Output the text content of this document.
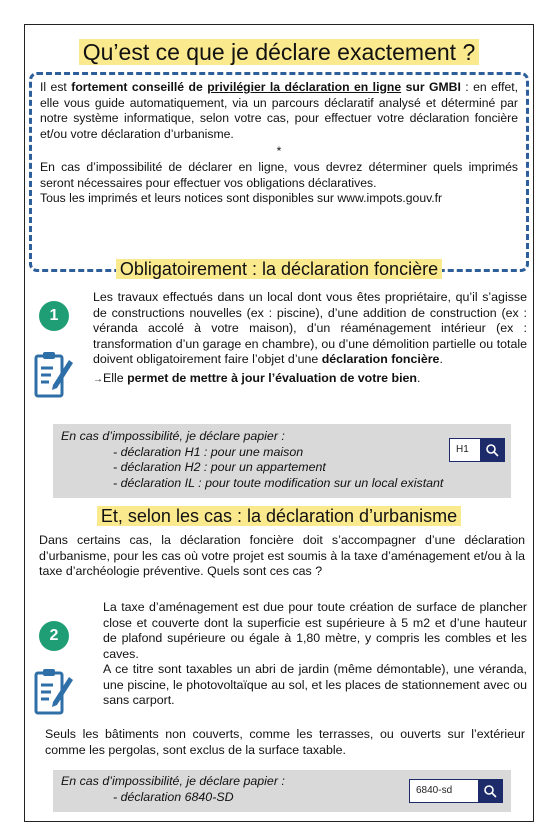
Qu’est ce que je déclare exactement ?

Il est fortement conseillé de privilégier la déclaration en ligne sur GMBI : en effet, elle vous guide automatiquement, via un parcours déclaratif analysé et déterminé par notre système informatique, selon votre cas, pour effectuer votre déclaration foncière et/ou votre déclaration d’urbanisme.

*

En cas d’impossibilité de déclarer en ligne, vous devrez déterminer quels imprimés seront nécessaires pour effectuer vos obligations déclaratives.

Tous les imprimés et leurs notices sont disponibles sur www.impots.gouv.fr

Obligatoirement : la déclaration foncière
1

Les travaux effectués dans un local dont vous êtes propriétaire, qu’il s’agisse de constructions nouvelles (ex : piscine), d’une addition de construction (ex : véranda accolé à votre maison), d’un réaménagement intérieur (ex : transformation d’un garage en chambre), ou d’une démolition partielle ou totale doivent obligatoirement faire l’objet d’une déclaration foncière.

→Elle permet de mettre à jour l’évaluation de votre bien.

En cas d’impossibilité, je déclare papier :
- déclaration H1 : pour une maison
- déclaration H2 : pour un appartement
- déclaration IL : pour toute modification sur un local existant
H1
Et, selon les cas : la déclaration d’urbanisme
Dans certains cas, la déclaration foncière doit s’accompagner d’une déclaration d’urbanisme, pour les cas où votre projet est soumis à la taxe d’aménagement et/ou à la taxe d’archéologie préventive. Quels sont ces cas ?
2

La taxe d’aménagement est due pour toute création de surface de plancher close et couverte dont la superficie est supérieure à 5 m2 et d’une hauteur de plafond supérieure ou égale à 1,80 mètre, y compris les combles et les caves.

A ce titre sont taxables un abri de jardin (même démontable), une véranda, une piscine, le photovoltaïque au sol, et les places de stationnement avec ou sans carport.

Seuls les bâtiments non couverts, comme les terrasses, ou ouverts sur l’extérieur comme les pergolas, sont exclus de la surface taxable.
En cas d’impossibilité, je déclare papier :
- déclaration 6840-SD	6840-sd
